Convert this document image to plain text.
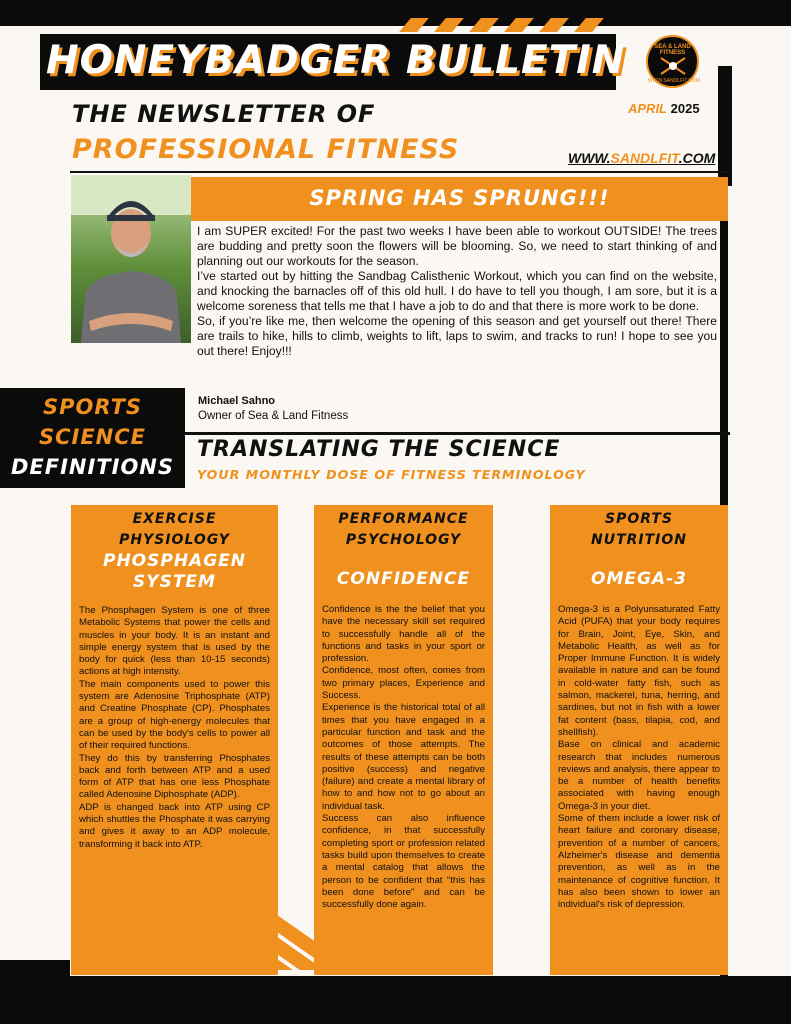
HONEYBADGER BULLETIN	SEA & LAND FITNESS
WWW.SANDLFIT.COM
THE NEWSLETTER OF
PROFESSIONAL FITNESS
APRIL 2025
WWW.SANDLFIT.COM
SPRING HAS SPRUNG!!!

I am SUPER excited! For the past two weeks I have been able to workout OUTSIDE! The trees are budding and pretty soon the flowers will be blooming. So, we need to start thinking of and planning out our workouts for the season.

I’ve started out by hitting the Sandbag Calisthenic Workout, which you can find on the website, and knocking the barnacles off of this old hull. I do have to tell you though, I am sore, but it is a welcome soreness that tells me that I have a job to do and that there is more work to be done.

So, if you’re like me, then welcome the opening of this season and get yourself out there! There are trails to hike, hills to climb, weights to lift, laps to swim, and tracks to run! I hope to see you out there! Enjoy!!!

Michael Sahno
Owner of Sea & Land Fitness
SPORTS
SCIENCE
DEFINITIONS
TRANSLATING THE SCIENCE
YOUR MONTHLY DOSE OF FITNESS TERMINOLOGY
EXERCISE
PHYSIOLOGY
PHOSPHAGEN
SYSTEM

The Phosphagen System is one of three Metabolic Systems that power the cells and muscles in your body. It is an instant and simple energy system that is used by the body for quick (less than 10-15 seconds) actions at high intensity.

The main components used to power this system are Adenosine Triphosphate (ATP) and Creatine Phosphate (CP). Phosphates are a group of high-energy molecules that can be used by the body's cells to power all of their required functions.

They do this by transferring Phosphates back and forth between ATP and a used form of ATP that has one less Phosphate called Adenosine Diphosphate (ADP).

ADP is changed back into ATP using CP which shuttles the Phosphate it was carrying and gives it away to an ADP molecule, transforming it back into ATP.

PERFORMANCE
PSYCHOLOGY
CONFIDENCE

Confidence is the the belief that you have the necessary skill set required to successfully handle all of the functions and tasks in your sport or profession.

Confidence, most often, comes from two primary places, Experience and Success.

Experience is the historical total of all times that you have engaged in a particular function and task and the outcomes of those attempts. The results of these attempts can be both positive (success) and negative (failure) and create a mental library of how to and how not to go about an individual task.

Success can also influence confidence, in that successfully completing sport or profession related tasks build upon themselves to create a mental catalog that allows the person to be confident that "this has been done before" and can be successfully done again.

SPORTS
NUTRITION
OMEGA-3

Omega-3 is a Polyunsaturated Fatty Acid (PUFA) that your body requires for Brain, Joint, Eye, Skin, and Metabolic Health, as well as for Proper Immune Function. It is widely available in nature and can be found in cold-water fatty fish, such as salmon, mackerel, tuna, herring, and sardines, but not in fish with a lower fat content (bass, tilapia, cod, and shellfish).

Base on clinical and academic research that includes numerous reviews and analysis, there appear to be a number of health benefits associated with having enough Omega-3 in your diet.

Some of them include a lower risk of heart failure and coronary disease, prevention of a number of cancers, Alzheimer's disease and dementia prevention, as well as in the maintenance of cognitive function. It has also been shown to lower an individual's risk of depression.
